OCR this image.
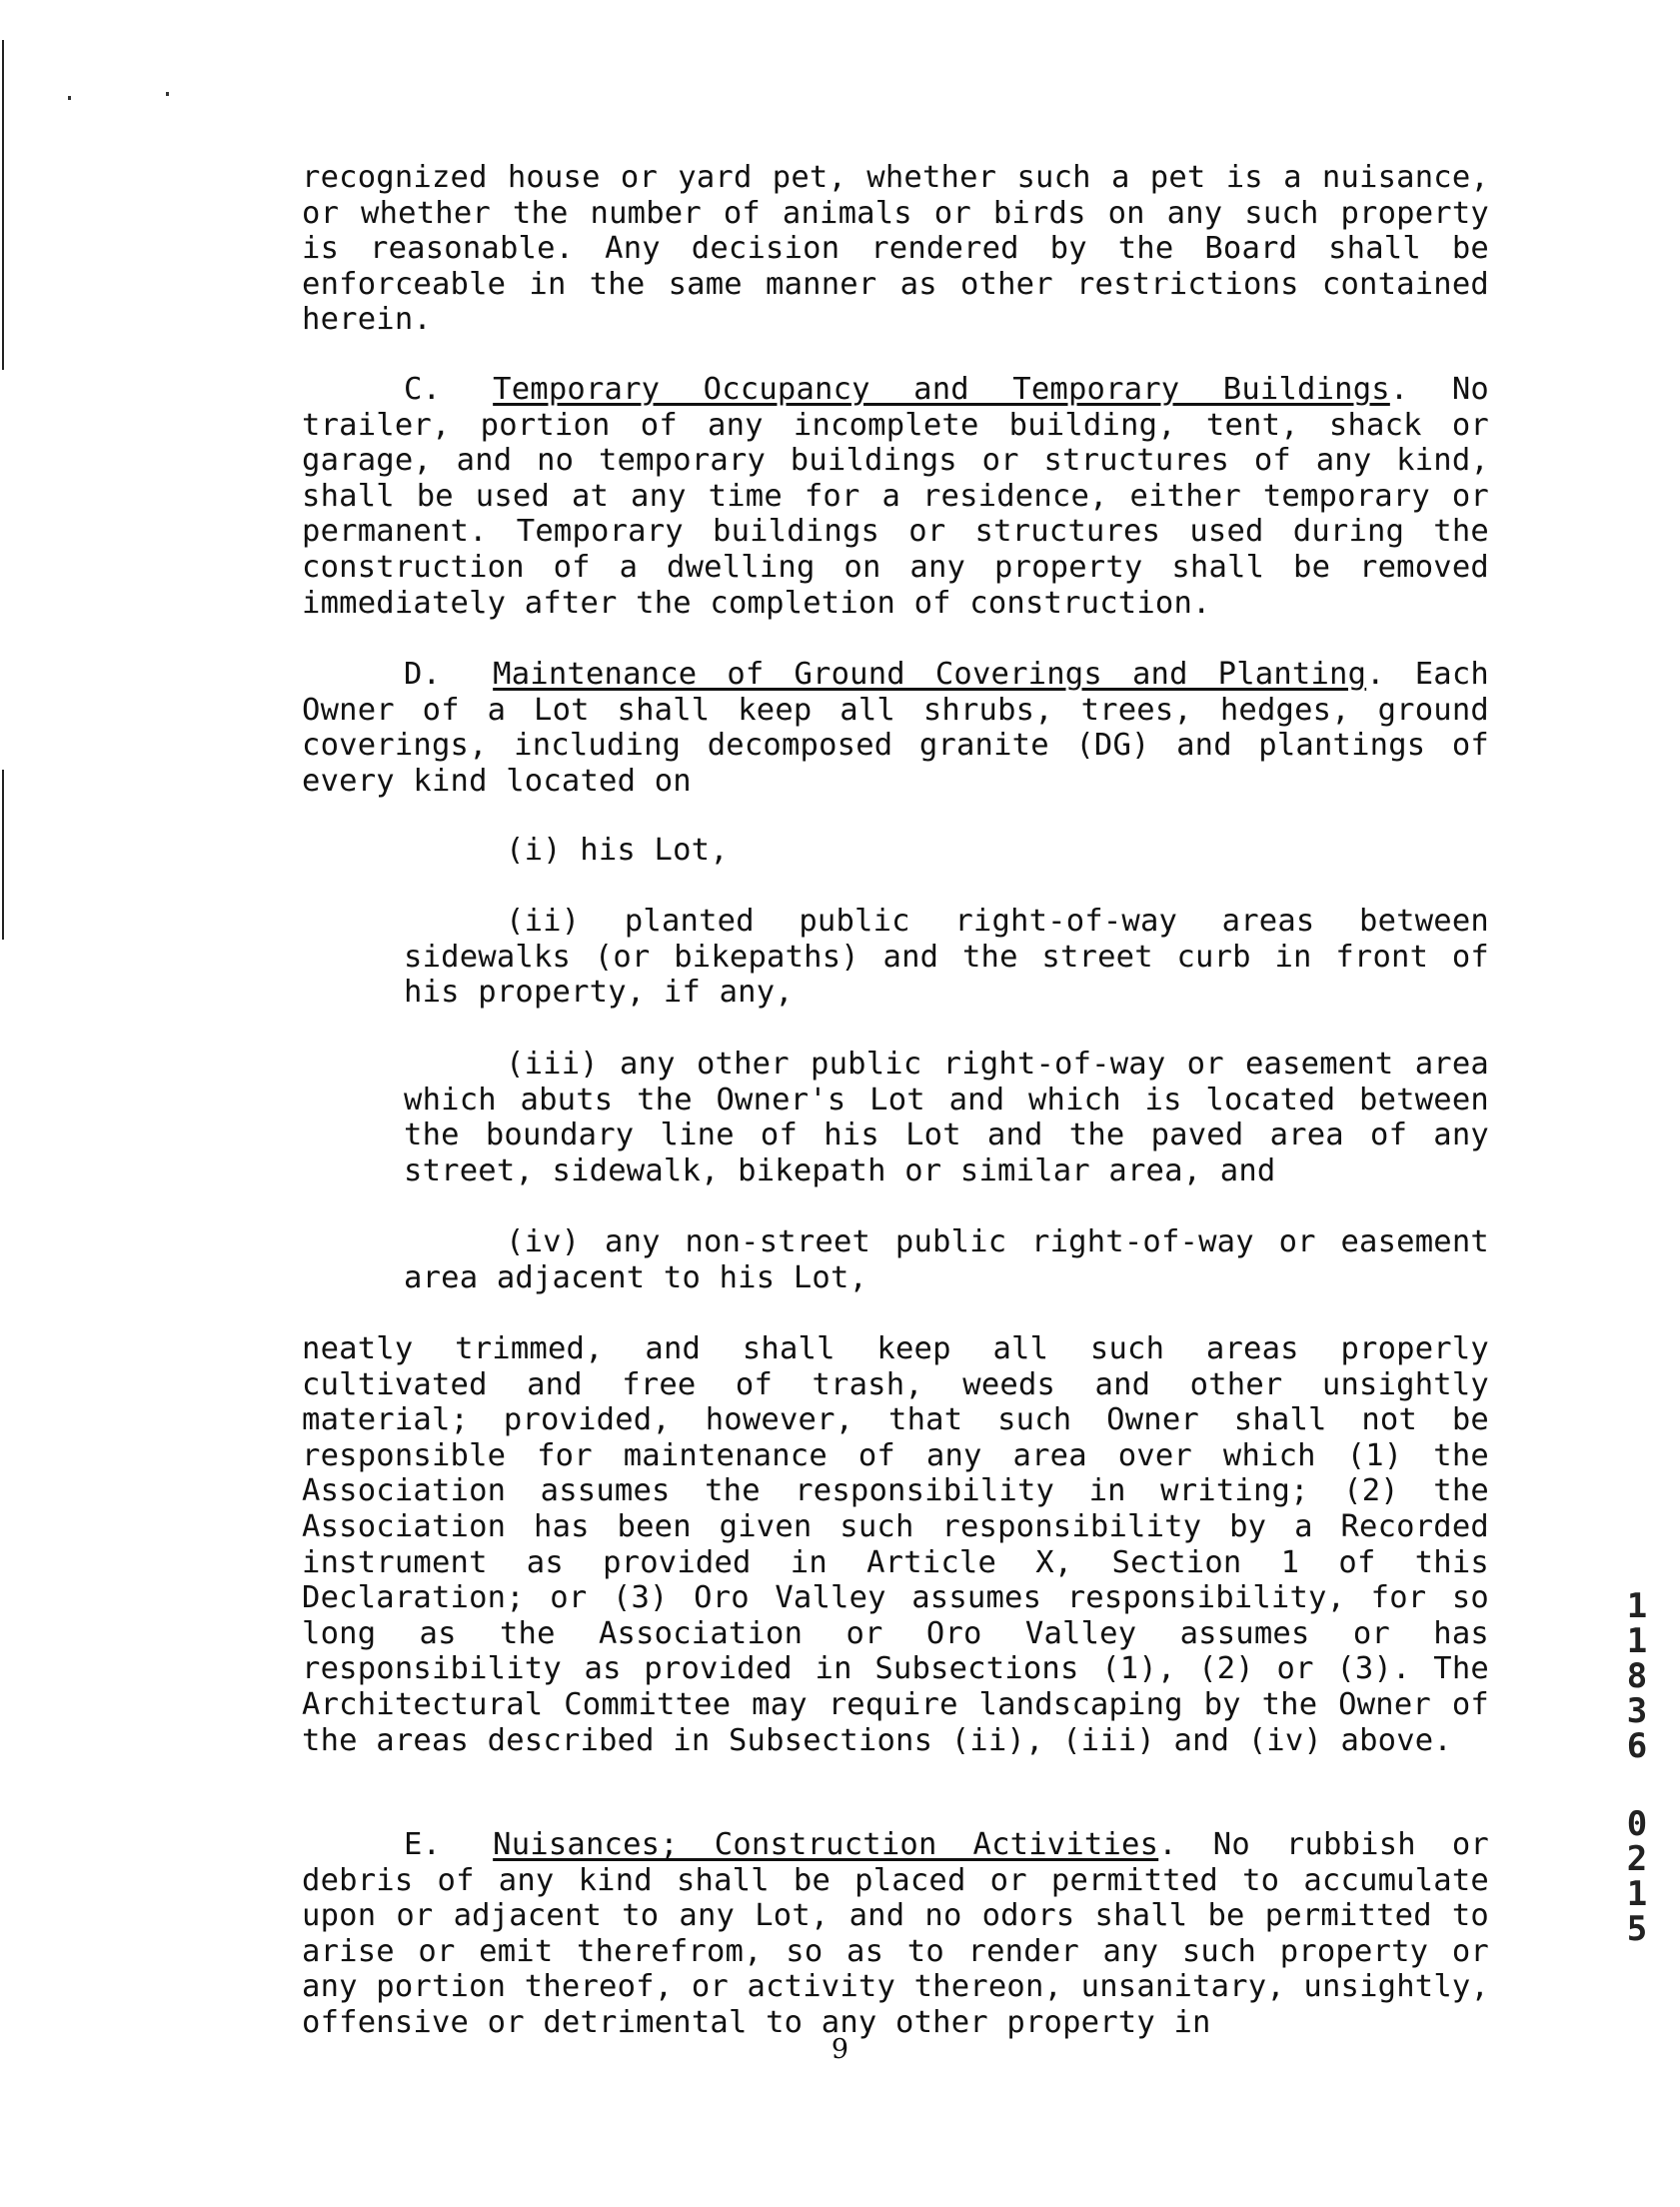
recognized house or yard pet, whether such a pet is a nuisance, or whether the number of animals or birds on any such property is reasonable. Any decision rendered by the Board shall be enforceable in the same manner as other restrictions contained herein.

C. Temporary Occupancy and Temporary Buildings. No trailer, portion of any incomplete building, tent, shack or garage, and no temporary buildings or structures of any kind, shall be used at any time for a residence, either temporary or permanent. Temporary buildings or structures used during the construction of a dwelling on any property shall be removed immediately after the completion of construction.

D. Maintenance of Ground Coverings and Planting. Each Owner of a Lot shall keep all shrubs, trees, hedges, ground coverings, including decomposed granite (DG) and plantings of every kind located on

(i) his Lot,

(ii) planted public right-of-way areas between sidewalks (or bikepaths) and the street curb in front of his property, if any,

(iii) any other public right-of-way or easement area which abuts the Owner's Lot and which is located between the boundary line of his Lot and the paved area of any street, sidewalk, bikepath or similar area, and

(iv) any non-street public right-of-way or easement area adjacent to his Lot,

neatly trimmed, and shall keep all such areas properly cultivated and free of trash, weeds and other unsightly material; provided, however, that such Owner shall not be responsible for maintenance of any area over which (1) the Association assumes the responsibility in writing; (2) the Association has been given such responsibility by a Recorded instrument as provided in Article X, Section 1 of this Declaration; or (3) Oro Valley assumes responsibility, for so long as the Association or Oro Valley assumes or has responsibility as provided in Subsections (1), (2) or (3). The Architectural Committee may require landscaping by the Owner of the areas described in Subsections (ii), (iii) and (iv) above.

E. Nuisances; Construction Activities. No rubbish or debris of any kind shall be placed or permitted to accumulate upon or adjacent to any Lot, and no odors shall be permitted to arise or emit therefrom, so as to render any such property or any portion thereof, or activity thereon, unsanitary, unsightly, offensive or detrimental to any other property in

9
1
1
8
3
6
0
2
1
5
